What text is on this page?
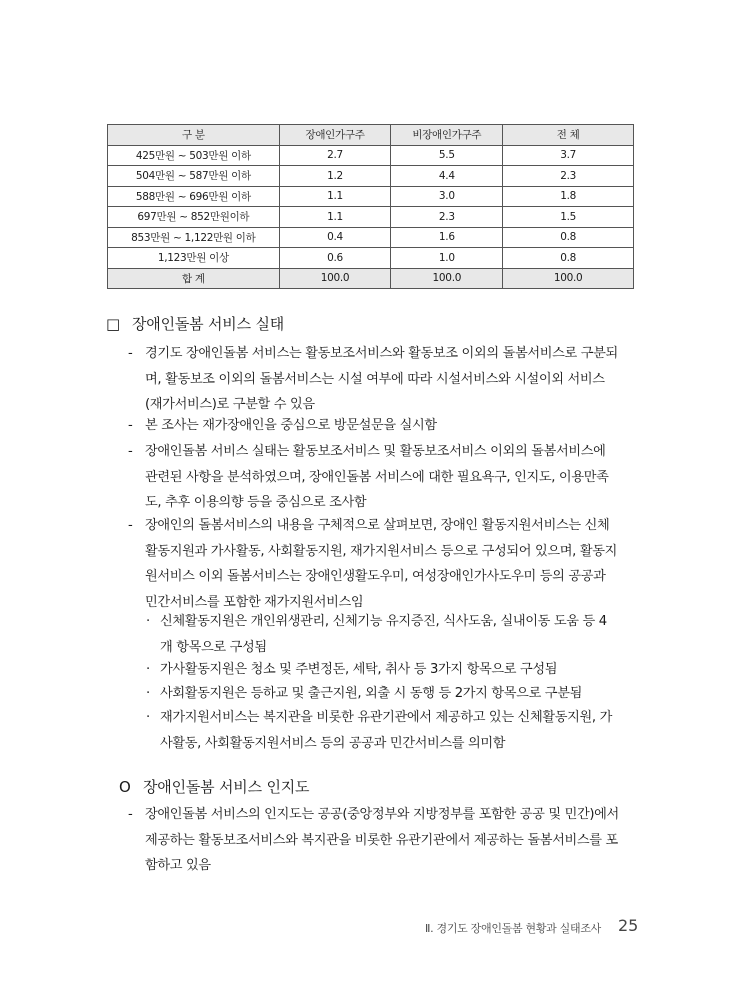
구 분	장애인가구주	비장애인가구주	전 체
425만원 ~ 503만원 이하	2.7	5.5	3.7
504만원 ~ 587만원 이하	1.2	4.4	2.3
588만원 ~ 696만원 이하	1.1	3.0	1.8
697만원 ~ 852만원이하	1.1	2.3	1.5
853만원 ~ 1,122만원 이하	0.4	1.6	0.8
1,123만원 이상	0.6	1.0	0.8
합 계	100.0	100.0	100.0
□ 장애인돌봄 서비스 실태
- 경기도 장애인돌봄 서비스는 활동보조서비스와 활동보조 이외의 돌봄서비스로 구분되
며, 활동보조 이외의 돌봄서비스는 시설 여부에 따라 시설서비스와 시설이외 서비스
(재가서비스)로 구분할 수 있음
- 본 조사는 재가장애인을 중심으로 방문설문을 실시함
- 장애인돌봄 서비스 실태는 활동보조서비스 및 활동보조서비스 이외의 돌봄서비스에
관련된 사항을 분석하였으며, 장애인돌봄 서비스에 대한 필요욕구, 인지도, 이용만족
도, 추후 이용의향 등을 중심으로 조사함
- 장애인의 돌봄서비스의 내용을 구체적으로 살펴보면, 장애인 활동지원서비스는 신체
활동지원과 가사활동, 사회활동지원, 재가지원서비스 등으로 구성되어 있으며, 활동지
원서비스 이외 돌봄서비스는 장애인생활도우미, 여성장애인가사도우미 등의 공공과
민간서비스를 포함한 재가지원서비스임
· 신체활동지원은 개인위생관리, 신체기능 유지증진, 식사도움, 실내이동 도움 등 4
개 항목으로 구성됨
· 가사활동지원은 청소 및 주변정돈, 세탁, 취사 등 3가지 항목으로 구성됨
· 사회활동지원은 등하교 및 출근지원, 외출 시 동행 등 2가지 항목으로 구분됨
· 재가지원서비스는 복지관을 비롯한 유관기관에서 제공하고 있는 신체활동지원, 가
사활동, 사회활동지원서비스 등의 공공과 민간서비스를 의미함
O 장애인돌봄 서비스 인지도
- 장애인돌봄 서비스의 인지도는 공공(중앙정부와 지방정부를 포함한 공공 및 민간)에서
제공하는 활동보조서비스와 복지관을 비롯한 유관기관에서 제공하는 돌봄서비스를 포
함하고 있음
Ⅱ. 경기도 장애인돌봄 현황과 실태조사 25
